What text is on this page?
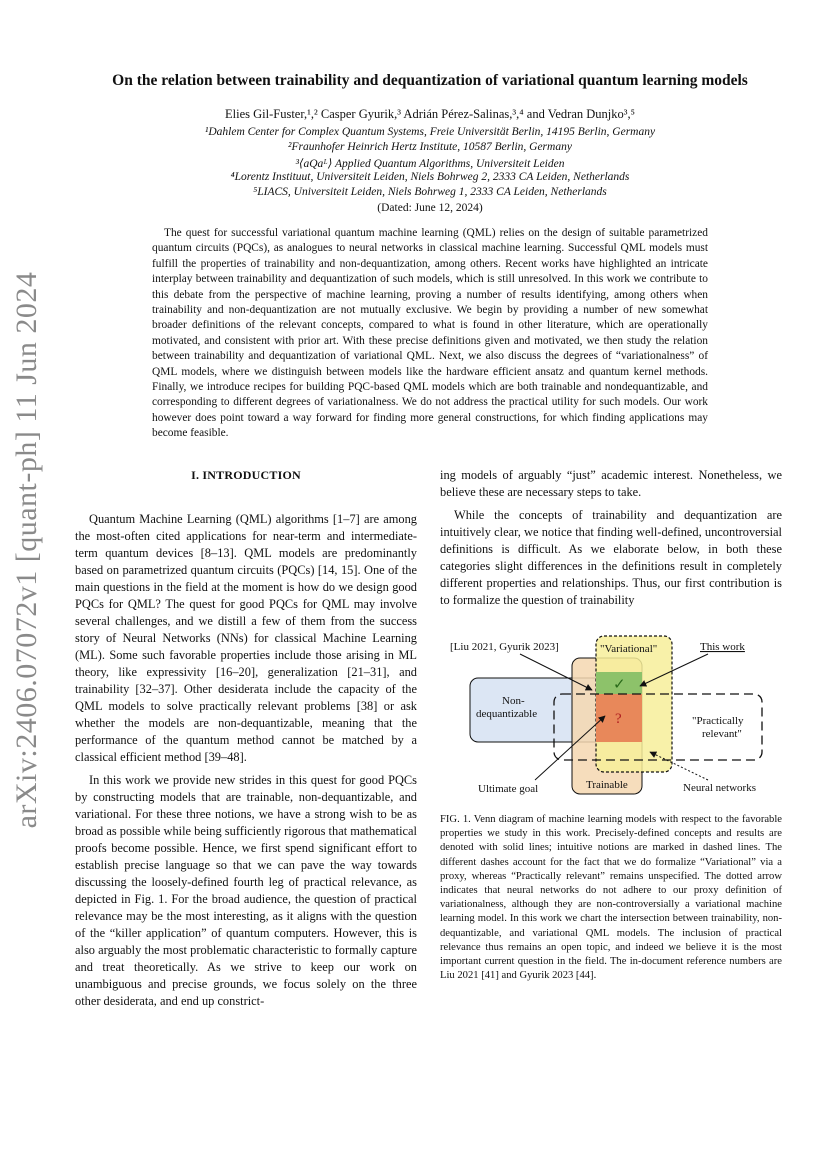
arXiv:2406.07072v1 [quant-ph] 11 Jun 2024
On the relation between trainability and dequantization of variational quantum learning models
Elies Gil-Fuster,¹,² Casper Gyurik,³ Adrián Pérez-Salinas,³,⁴ and Vedran Dunjko³,⁵
¹Dahlem Center for Complex Quantum Systems, Freie Universität Berlin, 14195 Berlin, Germany
²Fraunhofer Heinrich Hertz Institute, 10587 Berlin, Germany
³⟨aQaᴸ⟩ Applied Quantum Algorithms, Universiteit Leiden
⁴Lorentz Instituut, Universiteit Leiden, Niels Bohrweg 2, 2333 CA Leiden, Netherlands
⁵LIACS, Universiteit Leiden, Niels Bohrweg 1, 2333 CA Leiden, Netherlands
(Dated: June 12, 2024)
The quest for successful variational quantum machine learning (QML) relies on the design of suitable parametrized quantum circuits (PQCs), as analogues to neural networks in classical machine learning. Successful QML models must fulfill the properties of trainability and non-dequantization, among others. Recent works have highlighted an intricate interplay between trainability and dequantization of such models, which is still unresolved. In this work we contribute to this debate from the perspective of machine learning, proving a number of results identifying, among others when trainability and non-dequantization are not mutually exclusive. We begin by providing a number of new somewhat broader definitions of the relevant concepts, compared to what is found in other literature, which are operationally motivated, and consistent with prior art. With these precise definitions given and motivated, we then study the relation between trainability and dequantization of variational QML. Next, we also discuss the degrees of “variationalness” of QML models, where we distinguish between models like the hardware efficient ansatz and quantum kernel methods. Finally, we introduce recipes for building PQC-based QML models which are both trainable and nondequantizable, and corresponding to different degrees of variationalness. We do not address the practical utility for such models. Our work however does point toward a way forward for finding more general constructions, for which finding applications may become feasible.
I. INTRODUCTION

Quantum Machine Learning (QML) algorithms [1–7] are among the most-often cited applications for near-term and intermediate-term quantum devices [8–13]. QML models are predominantly based on parametrized quantum circuits (PQCs) [14, 15]. One of the main questions in the field at the moment is how do we design good PQCs for QML? The quest for good PQCs for QML may involve several challenges, and we distill a few of them from the success story of Neural Networks (NNs) for classical Machine Learning (ML). Some such favorable properties include those arising in ML theory, like expressivity [16–20], generalization [21–31], and trainability [32–37]. Other desiderata include the capacity of the QML models to solve practically relevant problems [38] or ask whether the models are non-dequantizable, meaning that the performance of the quantum method cannot be matched by a classical efficient method [39–48].

In this work we provide new strides in this quest for good PQCs by constructing models that are trainable, non-dequantizable, and variational. For these three notions, we have a strong wish to be as broad as possible while being sufficiently rigorous that mathematical proofs become possible. Hence, we first spend significant effort to establish precise language so that we can pave the way towards discussing the loosely-defined fourth leg of practical relevance, as depicted in Fig. 1. For the broad audience, the question of practical relevance may be the most interesting, as it aligns with the question of the “killer application” of quantum computers. However, this is also arguably the most problematic characteristic to formally capture and treat theoretically. As we strive to keep our work on unambiguous and precise grounds, we focus solely on the three other desiderata, and end up constrict-

ing models of arguably “just” academic interest. Nonetheless, we believe these are necessary steps to take.

While the concepts of trainability and dequantization are intuitively clear, we notice that finding well-defined, uncontroversial definitions is difficult. As we elaborate below, in both these categories slight differences in the definitions result in completely different properties and relationships. Thus, our first contribution is to formalize the question of trainability

[Liu 2021, Gyurik 2023]	"Variational"	This work
Non-
dequantizable
"Practically
relevant"
✓
?
Ultimate goal	Trainable	Neural networks
FIG. 1. Venn diagram of machine learning models with respect to the favorable properties we study in this work. Precisely-defined concepts and results are denoted with solid lines; intuitive notions are marked in dashed lines. The different dashes account for the fact that we do formalize “Variational” via a proxy, whereas “Practically relevant” remains unspecified. The dotted arrow indicates that neural networks do not adhere to our proxy definition of variationalness, although they are non-controversially a variational machine learning model. In this work we chart the intersection between trainability, non-dequantizable, and variational QML models. The inclusion of practical relevance thus remains an open topic, and indeed we believe it is the most important current question in the field. The in-document reference numbers are Liu 2021 [41] and Gyurik 2023 [44].
